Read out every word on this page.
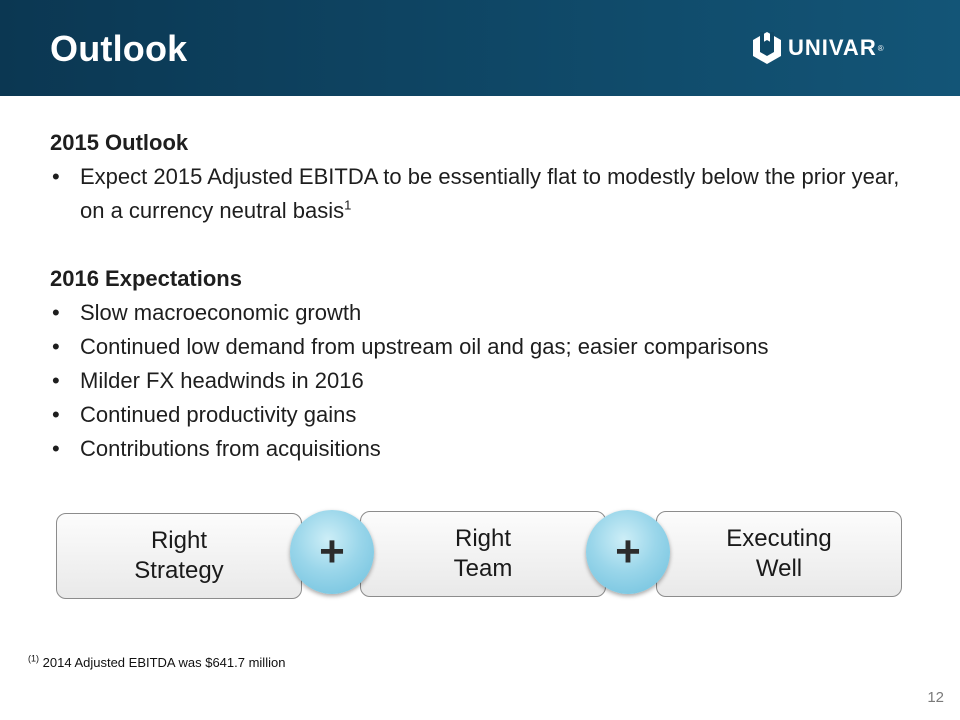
Outlook	UNIVAR ®
2015 Outlook
• Expect 2015 Adjusted EBITDA to be essentially flat to modestly below the prior year, on a currency neutral basis$^1$
2016 Expectations
• Slow macroeconomic growth
• Continued low demand from upstream oil and gas; easier comparisons
• Milder FX headwinds in 2016
• Continued productivity gains
• Contributions from acquisitions
Right
Strategy
Right
Team
Executing
Well
+	+
$^{(1)}$ 2014 Adjusted EBITDA was $641.7 million
12
